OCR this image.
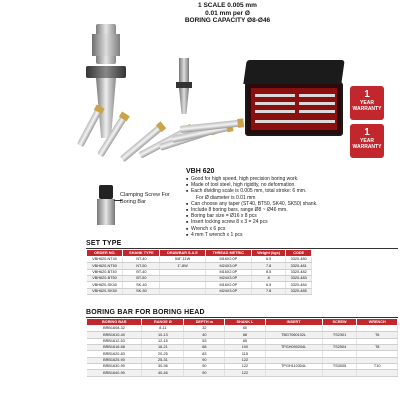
1 SCALE 0.005 mm
0.01 mm per Ø
BORING CAPACITY Ø8-Ø46
1
YEAR WARRANTY
1
YEAR WARRANTY
Clamping Screw For Boring Bar
VBH 620
■ Good for high speed, high precision boring work.
■ Made of tool steel, high rigidity, no deformation.
■ Each dividing scale is 0.005 mm, total stroke: 6 mm.
For Ø diameter is 0.01 mm
■ Can choose any taper (ST40, BT50, SK40, SK50) shank.
■ Include 8 boring bars, range Ø8 ~ Ø46 mm.
■ Boring bar size = Ø16 x 8 pcs
■ Insert locking screw 8 x 3 = 24 pcs
■ Wrench x 6 pcs
■ 4 mm T wrench x 1 pcs
SET TYPE
ORDER NO.	SHANK TYPE	DRAWBAR S.A.E	THREAD METRIC	Weight (kgs)	CODE
VBH620-NT40	NT-40	5/8"-11W	M16X2.0P	6.5	3320-480
VBH620-NT50	NT-50	1"-8W	M24X3.0P	7.8	3320-481
VBH620-BT40	BT-40		M16X2.0P	6.5	3320-482
VBH620-BT50	BT-50		M24X3.0P	8	3320-483
VBH620-SK40	SK-40		M16X2.0P	6.5	3320-484
VBH620-SK50	SK-50		M24X3.0P	7.8	3320-485
BORING BAR FOR BORING HEAD
BORING BAR	RANGE Ø	DEPTH m	SHANK L	INSERT	SCREW	WRENCH
BRB1608-32	8-11	32	60			
BRB1610-40	10-13	40	68	TBGT060102L	TS2301	T6
BRB1612-53	12-15	53	65			
BRB1616-68	16-21	68	100	TPGH090204L	TS2504	T8
BRB1620-83	20-25	83	115			
BRB1625-90	25-31	90	122			
BRB1630-90	30-36	90	122	TPGH110304L	TS3005	T10
BRB1640-90	40-46	90	122			
